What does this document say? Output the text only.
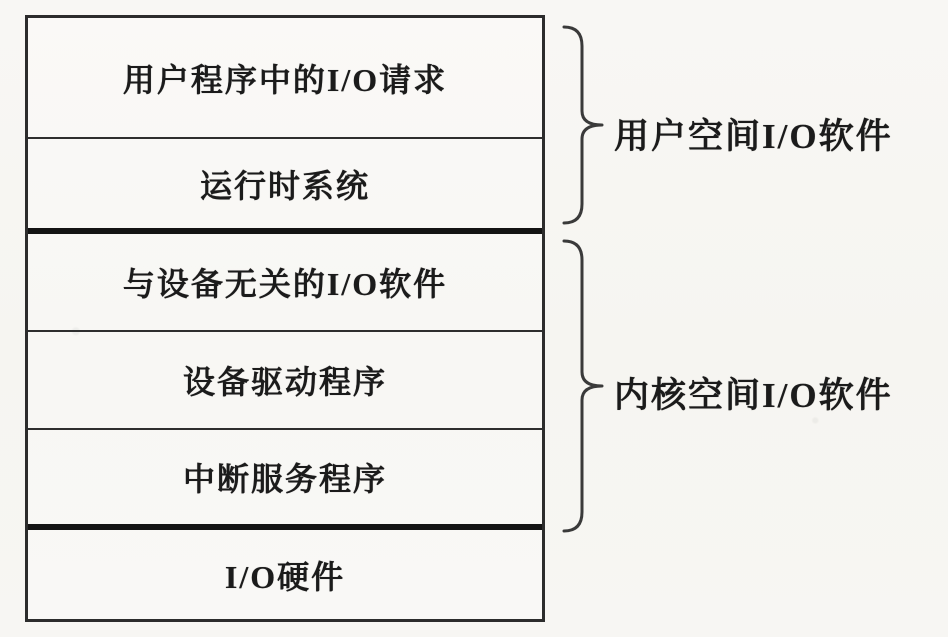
用户程序中的I/O请求
运行时系统
与设备无关的I/O软件
设备驱动程序
中断服务程序
I/O硬件
用户空间I/O软件
内核空间I/O软件
